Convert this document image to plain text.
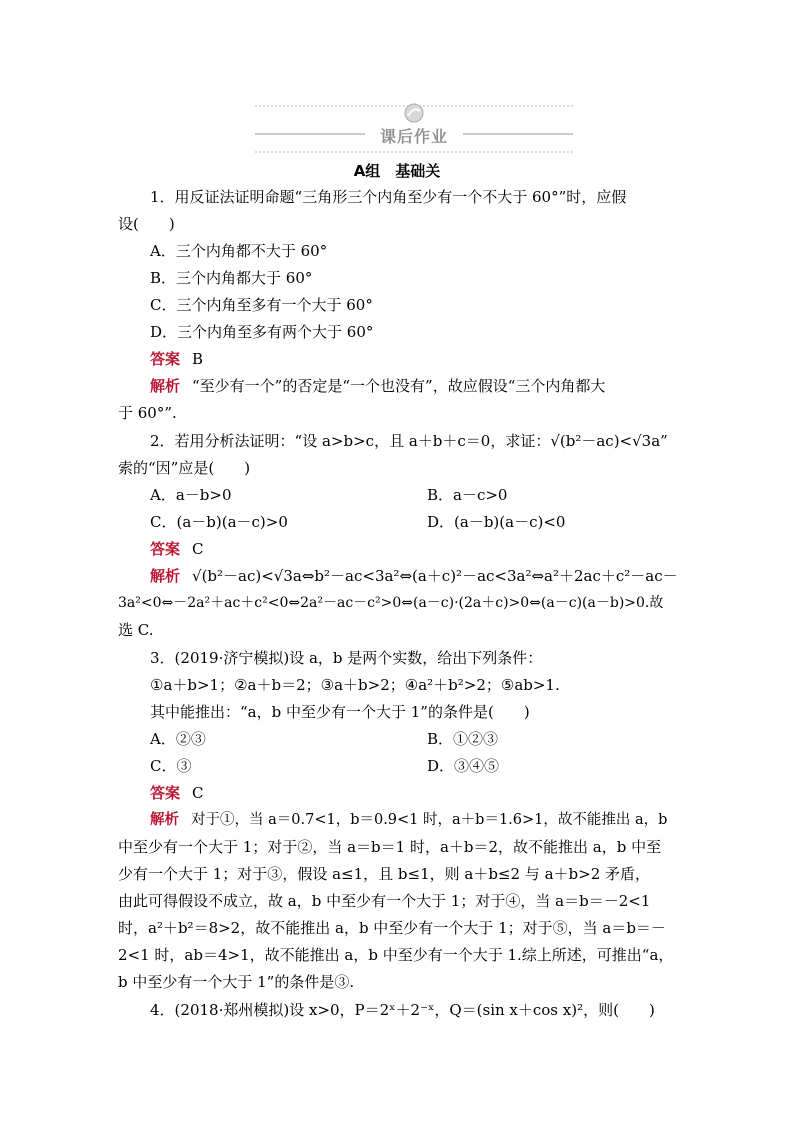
课后作业
A组　基础关
1．用反证法证明命题“三角形三个内角至少有一个不大于 60°”时，应假
设(　　)
A．三个内角都不大于 60°
B．三个内角都大于 60°
C．三个内角至多有一个大于 60°
D．三个内角至多有两个大于 60°
答案 B
解析 “至少有一个”的否定是“一个也没有”，故应假设“三个内角都大
于 60°”.
2．若用分析法证明：“设 a>b>c，且 a＋b＋c＝0，求证：√(b²－ac)<√3a”
索的“因”应是(　　)
A．a－b>0	B．a－c>0
C．(a－b)(a－c)>0	D．(a－b)(a－c)<0
答案 C
解析 √(b²－ac)<√3a⇔b²－ac<3a²⇔(a＋c)²－ac<3a²⇔a²＋2ac＋c²－ac－
3a²<0⇔－2a²＋ac＋c²<0⇔2a²－ac－c²>0⇔(a－c)·(2a＋c)>0⇔(a－c)(a－b)>0.故
选 C.
3．(2019·济宁模拟)设 a，b 是两个实数，给出下列条件：
①a＋b>1；②a＋b＝2；③a＋b>2；④a²＋b²>2；⑤ab>1.
其中能推出：“a，b 中至少有一个大于 1”的条件是(　　)
A．②③	B．①②③
C．③	D．③④⑤
答案 C
解析 对于①，当 a＝0.7<1，b＝0.9<1 时，a＋b＝1.6>1，故不能推出 a，b
中至少有一个大于 1；对于②，当 a＝b＝1 时，a＋b＝2，故不能推出 a，b 中至
少有一个大于 1；对于③，假设 a≤1，且 b≤1，则 a＋b≤2 与 a＋b>2 矛盾，
由此可得假设不成立，故 a，b 中至少有一个大于 1；对于④，当 a＝b＝－2<1
时，a²＋b²＝8>2，故不能推出 a，b 中至少有一个大于 1；对于⑤，当 a＝b＝－
2<1 时，ab＝4>1，故不能推出 a，b 中至少有一个大于 1.综上所述，可推出“a，
b 中至少有一个大于 1”的条件是③.
4．(2018·郑州模拟)设 x>0，P＝2ˣ＋2⁻ˣ，Q＝(sin x＋cos x)²，则(　　)
